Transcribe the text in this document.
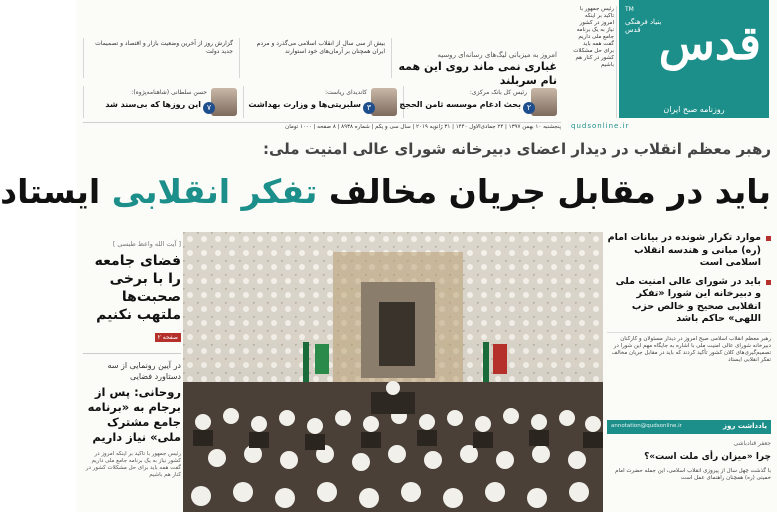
امروز به میزبانی لیگ‌های رسانه‌ای روسیه
غباری نمی ماند روی این همه نام سربلند
بیش از سی سال از انقلاب اسلامی می‌گذرد و مردم ایران همچنان بر آرمان‌های خود استوارند
گزارش روز از آخرین وضعیت بازار و اقتصاد و تصمیمات جدید دولت
۲
رئیس کل بانک مرکزی:
بحث ادغام موسسه ثامن الحجج
۳
کاندیدای ریاست:
سلبریتی‌ها و وزارت بهداشت
۷
حسن سلطانی (شاهنامه‌پژوه):
این روزها که بی‌سند شد
پنجشنبه ۱۰ بهمن ۱۳۹۷ | ۲۴ جمادی‌الاول ۱۴۴۰ | ۳۱ ژانویه ۲۰۱۹ | سال سی و یکم | شماره ۸۹۳۸ | ۸ صفحه | ۱۰۰۰ تومان qudsonline.ir
رئیس جمهور با تاکید بر اینکه امروز در کشور نیاز به یک برنامه جامع ملی داریم گفت همه باید برای حل مشکلات کشور در کنار هم باشیم
TM
بنیاد فرهنگی قدس قدس
روزنامه صبح ایران
رهبر معظم انقلاب در دیدار اعضای دبیرخانه شورای عالی امنیت ملی:
باید در مقابل جریان مخالف تفکر انقلابی ایستاد
[ آیت الله واعظ طبسی ]
فضای جامعه را با برخی صحبت‌ها ملتهب نکنیم
صفحه ۲
در آیین رونمایی از سه دستاورد فضایی
روحانی: پس از برجام به «برنامه جامع مشترک ملی» نیاز داریم
رئیس جمهور با تاکید بر اینکه امروز در کشور نیاز به یک برنامه جامع ملی داریم گفت همه باید برای حل مشکلات کشور در کنار هم باشیم
موارد تکرار شونده در بیانات امام (ره) مبانی و هندسه انقلاب اسلامی است
باید در شورای عالی امنیت ملی و دبیرخانه این شورا «تفکر انقلابی صحیح و خالص حزب اللهی» حاکم باشد
رهبر معظم انقلاب اسلامی صبح امروز در دیدار مسئولان و کارکنان دبیرخانه شورای عالی امنیت ملی با اشاره به جایگاه مهم این شورا در تصمیم‌گیری‌های کلان کشور تأکید کردند که باید در مقابل جریان مخالف تفکر انقلابی ایستاد
یادداشت روز
annotation@qudsonline.ir
جعفر قنادباشی
چرا «میزان رأی ملت است»؟
با گذشت چهل سال از پیروزی انقلاب اسلامی، این جمله حضرت امام خمینی (ره) همچنان راهنمای عمل است
